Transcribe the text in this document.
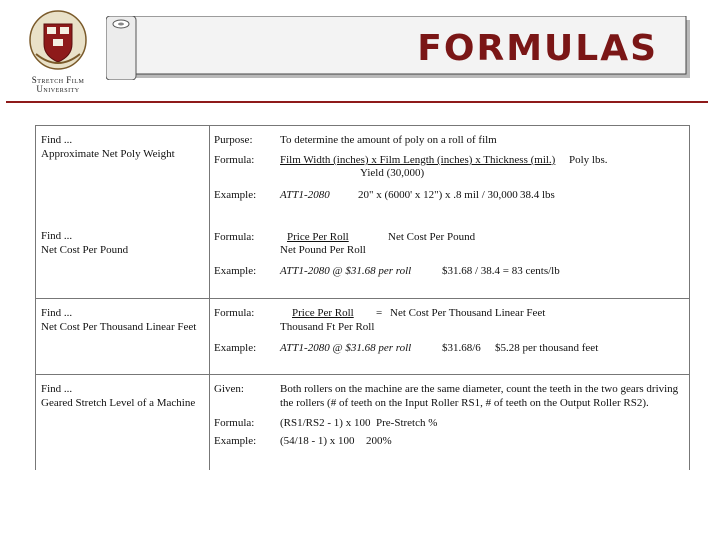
Stretch Film
University
FORMULAS
Find ...
Approximate Net Poly Weight
Purpose:	To determine the amount of poly on a roll of film
Formula: Film Width (inches) x Film Length (inches) x Thickness (mil.) Poly lbs.
Yield (30,000)
Example: ATT1-2080	20" x (6000' x 12") x .8 mil / 30,000 38.4 lbs
Find ...
Net Cost Per Pound
Formula:	Price Per Roll	Net Cost Per Pound
Net Pound Per Roll
Example: ATT1-2080 @ $31.68 per roll	$31.68 / 38.4 = 83 cents/lb
Find ...
Net Cost Per Thousand Linear Feet
Formula:	Price Per Roll = Net Cost Per Thousand Linear Feet
Thousand Ft Per Roll
Example: ATT1-2080 @ $31.68 per roll	$31.68/6 $5.28 per thousand feet
Find ...
Geared Stretch Level of a Machine
Given:	Both rollers on the machine are the same diameter, count the teeth in the two gears driving
the rollers (# of teeth on the Input Roller RS1, # of teeth on the Output Roller RS2).
Formula: (RS1/RS2 - 1) x 100 Pre-Stretch %
Example: (54/18 - 1) x 100 200%
